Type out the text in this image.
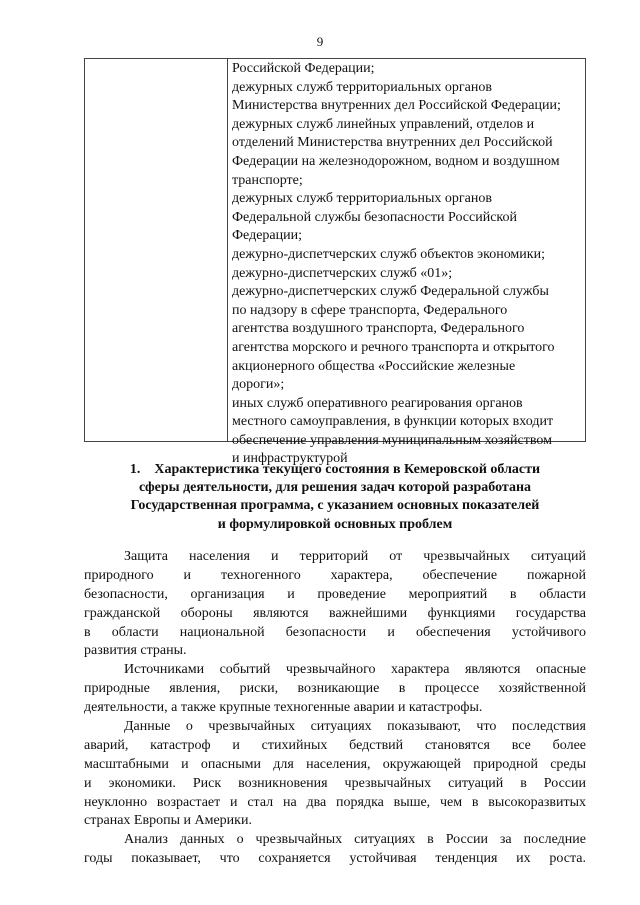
9
Российской Федерации;
дежурных служб территориальных органов
Министерства внутренних дел Российской Федерации;
дежурных служб линейных управлений, отделов и
отделений Министерства внутренних дел Российской
Федерации на железнодорожном, водном и воздушном
транспорте;
дежурных служб территориальных органов
Федеральной службы безопасности Российской
Федерации;
дежурно-диспетчерских служб объектов экономики;
дежурно-диспетчерских служб «01»;
дежурно-диспетчерских служб Федеральной службы
по надзору в сфере транспорта, Федерального
агентства воздушного транспорта, Федерального
агентства морского и речного транспорта и открытого
акционерного общества «Российские железные
дороги»;
иных служб оперативного реагирования органов
местного самоуправления, в функции которых входит
обеспечение управления муниципальным хозяйством
и инфраструктурой
1.    Характеристика текущего состояния в Кемеровской области
сферы деятельности, для решения задач которой разработана
Государственная программа, с указанием основных показателей
и формулировкой основных проблем
Защита населения и территорий от чрезвычайных ситуаций
природного и техногенного характера, обеспечение пожарной
безопасности, организация и проведение мероприятий в области
гражданской обороны являются важнейшими функциями государства
в области национальной безопасности и обеспечения устойчивого
развития страны.
Источниками событий чрезвычайного характера являются опасные
природные явления, риски, возникающие в процессе хозяйственной
деятельности, а также крупные техногенные аварии и катастрофы.
Данные о чрезвычайных ситуациях показывают, что последствия
аварий, катастроф и стихийных бедствий становятся все более
масштабными и опасными для населения, окружающей природной среды
и экономики. Риск возникновения чрезвычайных ситуаций в России
неуклонно возрастает и стал на два порядка выше, чем в высокоразвитых
странах Европы и Америки.
Анализ данных о чрезвычайных ситуациях в России за последние
годы показывает, что сохраняется устойчивая тенденция их роста.
